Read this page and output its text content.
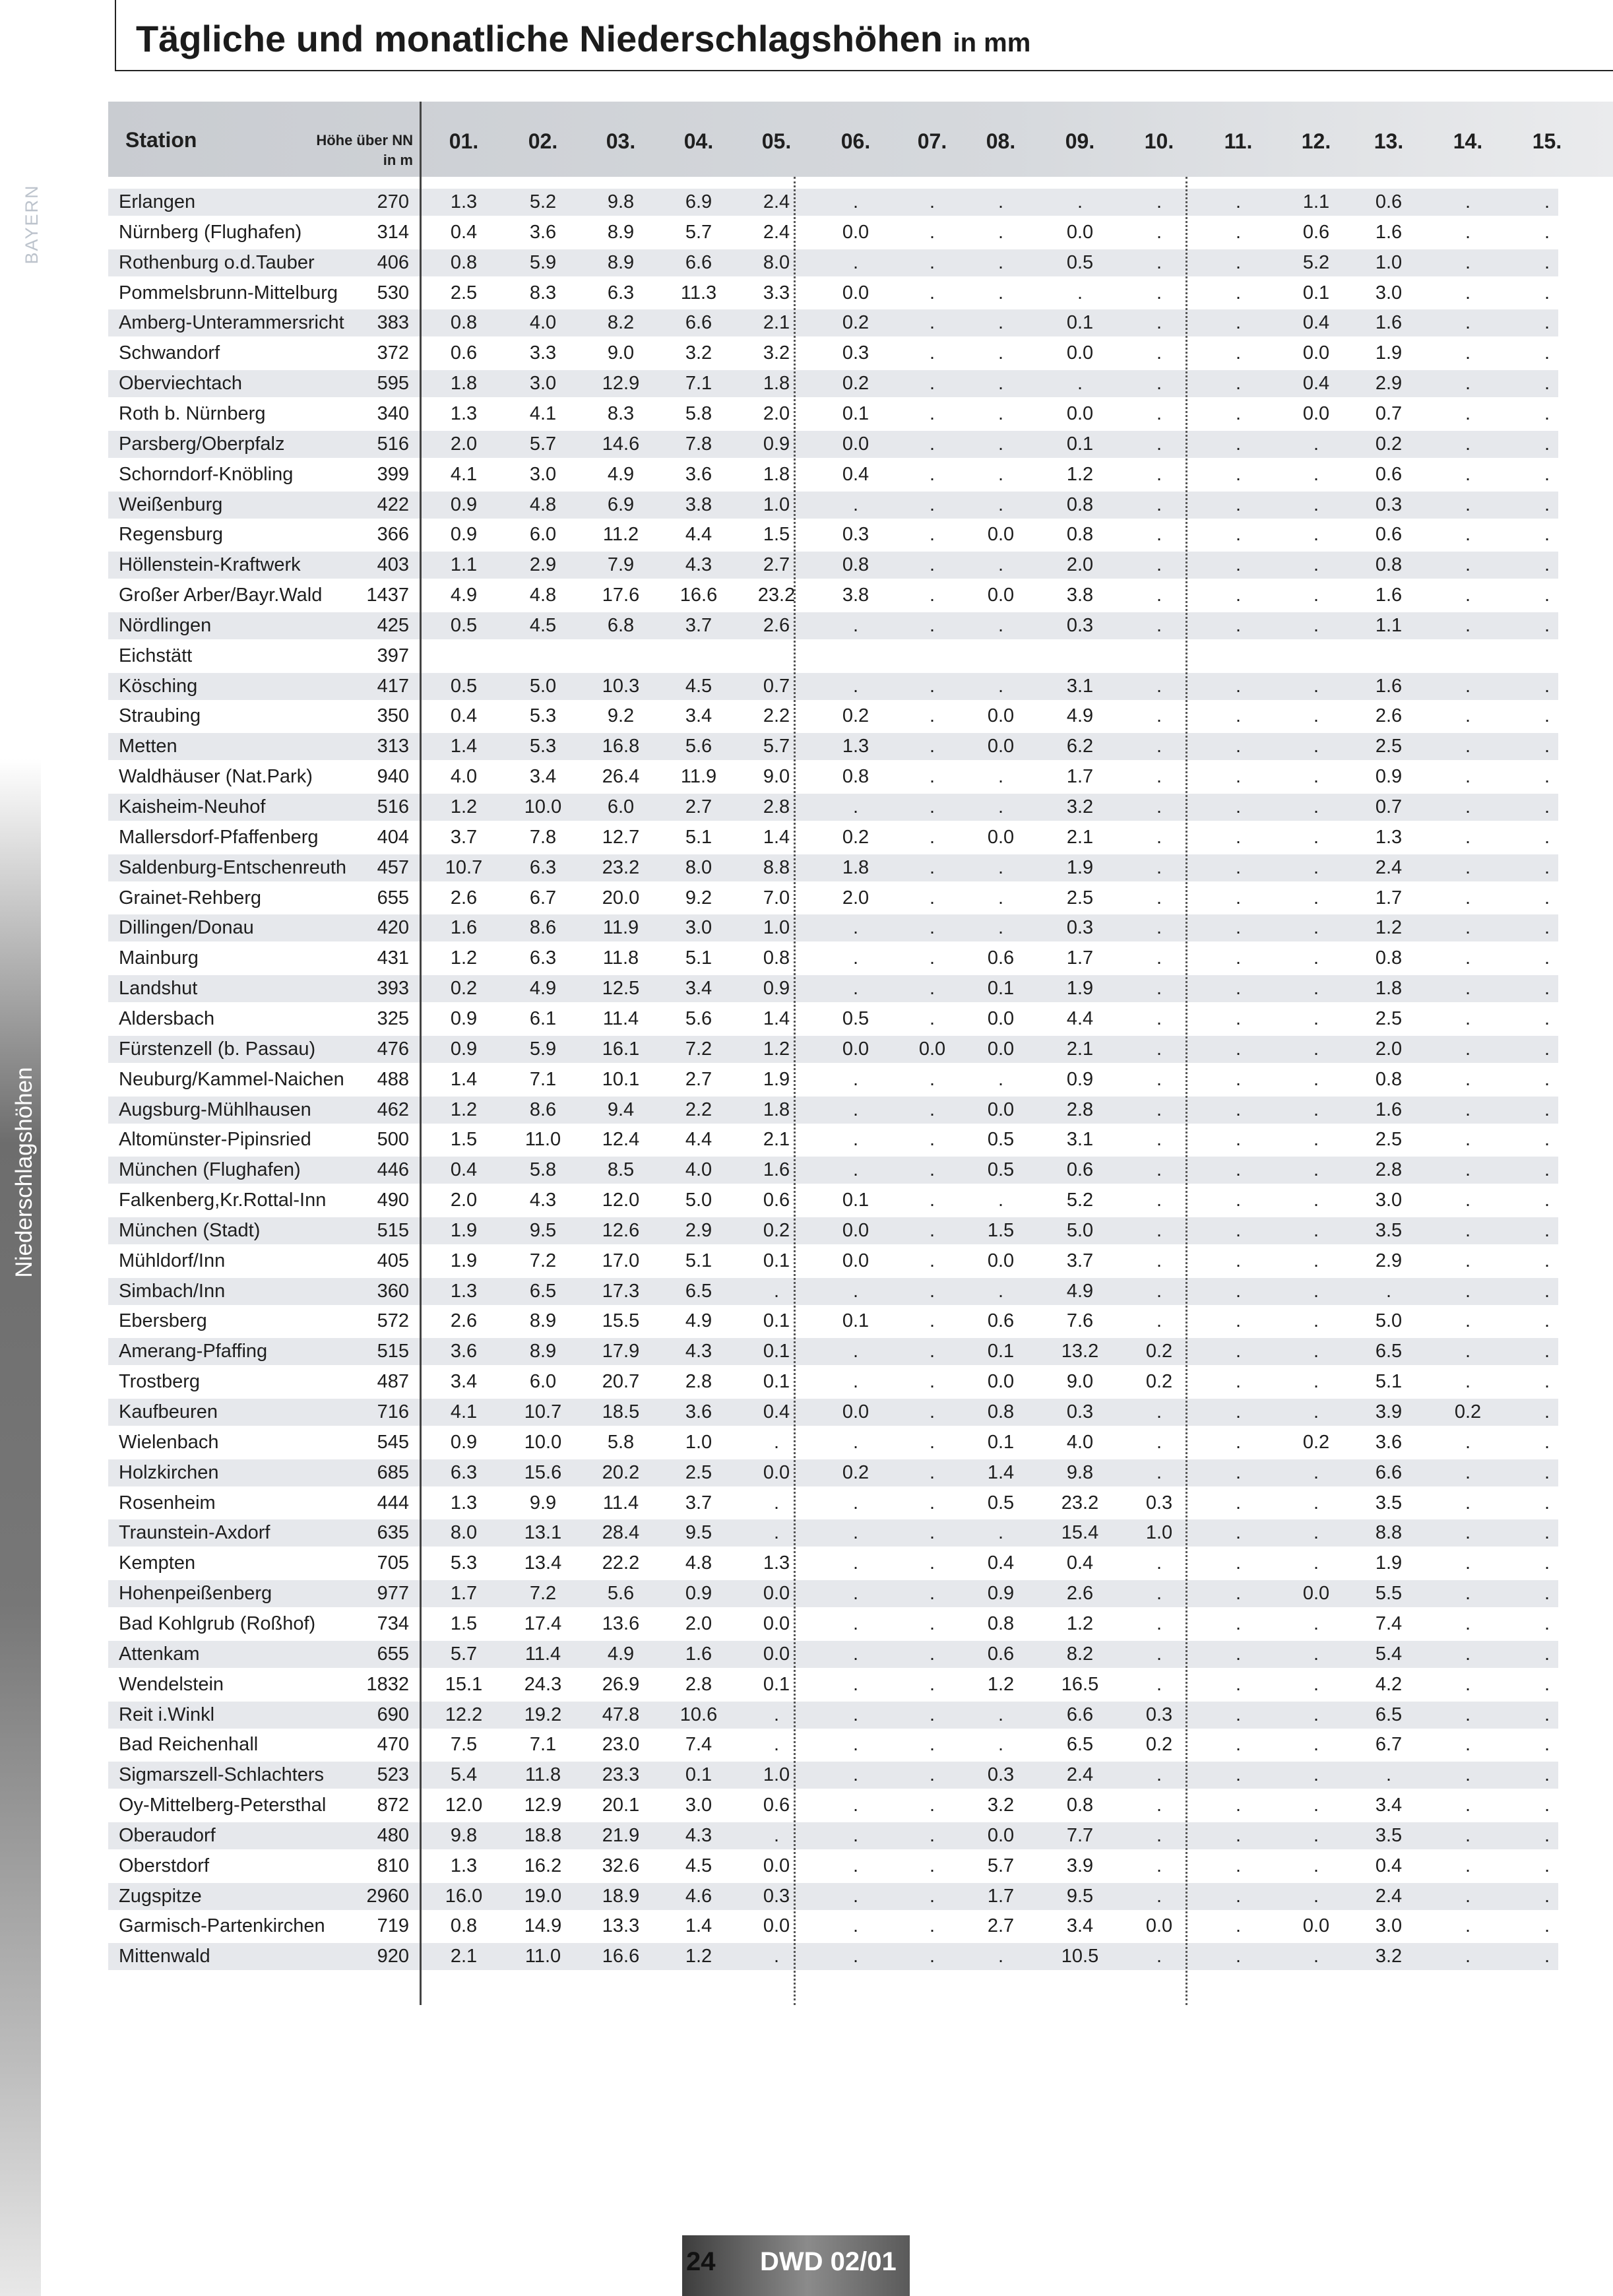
Tägliche und monatliche Niederschlagshöhen in mm
BAYERN
Niederschlagshöhen
Station	Höhe über NN
in m
01.	02.	03.	04.	05.	06.	07.	08.	09.	10.	11.	12.	13.	14.	15.
Erlangen	270	1.3	5.2	9.8	6.9	2.4	.	.	.	.	.	.	1.1	0.6	.	.
Nürnberg (Flughafen)	314	0.4	3.6	8.9	5.7	2.4	0.0	.	.	0.0	.	.	0.6	1.6	.	.
Rothenburg o.d.Tauber	406	0.8	5.9	8.9	6.6	8.0	.	.	.	0.5	.	.	5.2	1.0	.	.
Pommelsbrunn-Mittelburg	530	2.5	8.3	6.3	11.3	3.3	0.0	.	.	.	.	.	0.1	3.0	.	.
Amberg-Unterammersricht	383	0.8	4.0	8.2	6.6	2.1	0.2	.	.	0.1	.	.	0.4	1.6	.	.
Schwandorf	372	0.6	3.3	9.0	3.2	3.2	0.3	.	.	0.0	.	.	0.0	1.9	.	.
Oberviechtach	595	1.8	3.0	12.9	7.1	1.8	0.2	.	.	.	.	.	0.4	2.9	.	.
Roth b. Nürnberg	340	1.3	4.1	8.3	5.8	2.0	0.1	.	.	0.0	.	.	0.0	0.7	.	.
Parsberg/Oberpfalz	516	2.0	5.7	14.6	7.8	0.9	0.0	.	.	0.1	.	.	.	0.2	.	.
Schorndorf-Knöbling	399	4.1	3.0	4.9	3.6	1.8	0.4	.	.	1.2	.	.	.	0.6	.	.
Weißenburg	422	0.9	4.8	6.9	3.8	1.0	.	.	.	0.8	.	.	.	0.3	.	.
Regensburg	366	0.9	6.0	11.2	4.4	1.5	0.3	.	0.0	0.8	.	.	.	0.6	.	.
Höllenstein-Kraftwerk	403	1.1	2.9	7.9	4.3	2.7	0.8	.	.	2.0	.	.	.	0.8	.	.
Großer Arber/Bayr.Wald	1437	4.9	4.8	17.6	16.6	23.2	3.8	.	0.0	3.8	.	.	.	1.6	.	.
Nördlingen	425	0.5	4.5	6.8	3.7	2.6	.	.	.	0.3	.	.	.	1.1	.	.
Eichstätt	397
Kösching	417	0.5	5.0	10.3	4.5	0.7	.	.	.	3.1	.	.	.	1.6	.	.
Straubing	350	0.4	5.3	9.2	3.4	2.2	0.2	.	0.0	4.9	.	.	.	2.6	.	.
Metten	313	1.4	5.3	16.8	5.6	5.7	1.3	.	0.0	6.2	.	.	.	2.5	.	.
Waldhäuser (Nat.Park)	940	4.0	3.4	26.4	11.9	9.0	0.8	.	.	1.7	.	.	.	0.9	.	.
Kaisheim-Neuhof	516	1.2	10.0	6.0	2.7	2.8	.	.	.	3.2	.	.	.	0.7	.	.
Mallersdorf-Pfaffenberg	404	3.7	7.8	12.7	5.1	1.4	0.2	.	0.0	2.1	.	.	.	1.3	.	.
Saldenburg-Entschenreuth	457	10.7	6.3	23.2	8.0	8.8	1.8	.	.	1.9	.	.	.	2.4	.	.
Grainet-Rehberg	655	2.6	6.7	20.0	9.2	7.0	2.0	.	.	2.5	.	.	.	1.7	.	.
Dillingen/Donau	420	1.6	8.6	11.9	3.0	1.0	.	.	.	0.3	.	.	.	1.2	.	.
Mainburg	431	1.2	6.3	11.8	5.1	0.8	.	.	0.6	1.7	.	.	.	0.8	.	.
Landshut	393	0.2	4.9	12.5	3.4	0.9	.	.	0.1	1.9	.	.	.	1.8	.	.
Aldersbach	325	0.9	6.1	11.4	5.6	1.4	0.5	.	0.0	4.4	.	.	.	2.5	.	.
Fürstenzell (b. Passau)	476	0.9	5.9	16.1	7.2	1.2	0.0	0.0	0.0	2.1	.	.	.	2.0	.	.
Neuburg/Kammel-Naichen	488	1.4	7.1	10.1	2.7	1.9	.	.	.	0.9	.	.	.	0.8	.	.
Augsburg-Mühlhausen	462	1.2	8.6	9.4	2.2	1.8	.	.	0.0	2.8	.	.	.	1.6	.	.
Altomünster-Pipinsried	500	1.5	11.0	12.4	4.4	2.1	.	.	0.5	3.1	.	.	.	2.5	.	.
München (Flughafen)	446	0.4	5.8	8.5	4.0	1.6	.	.	0.5	0.6	.	.	.	2.8	.	.
Falkenberg,Kr.Rottal-Inn	490	2.0	4.3	12.0	5.0	0.6	0.1	.	.	5.2	.	.	.	3.0	.	.
München (Stadt)	515	1.9	9.5	12.6	2.9	0.2	0.0	.	1.5	5.0	.	.	.	3.5	.	.
Mühldorf/Inn	405	1.9	7.2	17.0	5.1	0.1	0.0	.	0.0	3.7	.	.	.	2.9	.	.
Simbach/Inn	360	1.3	6.5	17.3	6.5	.	.	.	.	4.9	.	.	.	.	.	.
Ebersberg	572	2.6	8.9	15.5	4.9	0.1	0.1	.	0.6	7.6	.	.	.	5.0	.	.
Amerang-Pfaffing	515	3.6	8.9	17.9	4.3	0.1	.	.	0.1	13.2	0.2	.	.	6.5	.	.
Trostberg	487	3.4	6.0	20.7	2.8	0.1	.	.	0.0	9.0	0.2	.	.	5.1	.	.
Kaufbeuren	716	4.1	10.7	18.5	3.6	0.4	0.0	.	0.8	0.3	.	.	.	3.9	0.2	.
Wielenbach	545	0.9	10.0	5.8	1.0	.	.	.	0.1	4.0	.	.	0.2	3.6	.	.
Holzkirchen	685	6.3	15.6	20.2	2.5	0.0	0.2	.	1.4	9.8	.	.	.	6.6	.	.
Rosenheim	444	1.3	9.9	11.4	3.7	.	.	.	0.5	23.2	0.3	.	.	3.5	.	.
Traunstein-Axdorf	635	8.0	13.1	28.4	9.5	.	.	.	.	15.4	1.0	.	.	8.8	.	.
Kempten	705	5.3	13.4	22.2	4.8	1.3	.	.	0.4	0.4	.	.	.	1.9	.	.
Hohenpeißenberg	977	1.7	7.2	5.6	0.9	0.0	.	.	0.9	2.6	.	.	0.0	5.5	.	.
Bad Kohlgrub (Roßhof)	734	1.5	17.4	13.6	2.0	0.0	.	.	0.8	1.2	.	.	.	7.4	.	.
Attenkam	655	5.7	11.4	4.9	1.6	0.0	.	.	0.6	8.2	.	.	.	5.4	.	.
Wendelstein	1832	15.1	24.3	26.9	2.8	0.1	.	.	1.2	16.5	.	.	.	4.2	.	.
Reit i.Winkl	690	12.2	19.2	47.8	10.6	.	.	.	.	6.6	0.3	.	.	6.5	.	.
Bad Reichenhall	470	7.5	7.1	23.0	7.4	.	.	.	.	6.5	0.2	.	.	6.7	.	.
Sigmarszell-Schlachters	523	5.4	11.8	23.3	0.1	1.0	.	.	0.3	2.4	.	.	.	.	.	.
Oy-Mittelberg-Petersthal	872	12.0	12.9	20.1	3.0	0.6	.	.	3.2	0.8	.	.	.	3.4	.	.
Oberaudorf	480	9.8	18.8	21.9	4.3	.	.	.	0.0	7.7	.	.	.	3.5	.	.
Oberstdorf	810	1.3	16.2	32.6	4.5	0.0	.	.	5.7	3.9	.	.	.	0.4	.	.
Zugspitze	2960	16.0	19.0	18.9	4.6	0.3	.	.	1.7	9.5	.	.	.	2.4	.	.
Garmisch-Partenkirchen	719	0.8	14.9	13.3	1.4	0.0	.	.	2.7	3.4	0.0	.	0.0	3.0	.	.
Mittenwald	920	2.1	11.0	16.6	1.2	.	.	.	.	10.5	.	.	.	3.2	.	.
24 DWD 02/01
